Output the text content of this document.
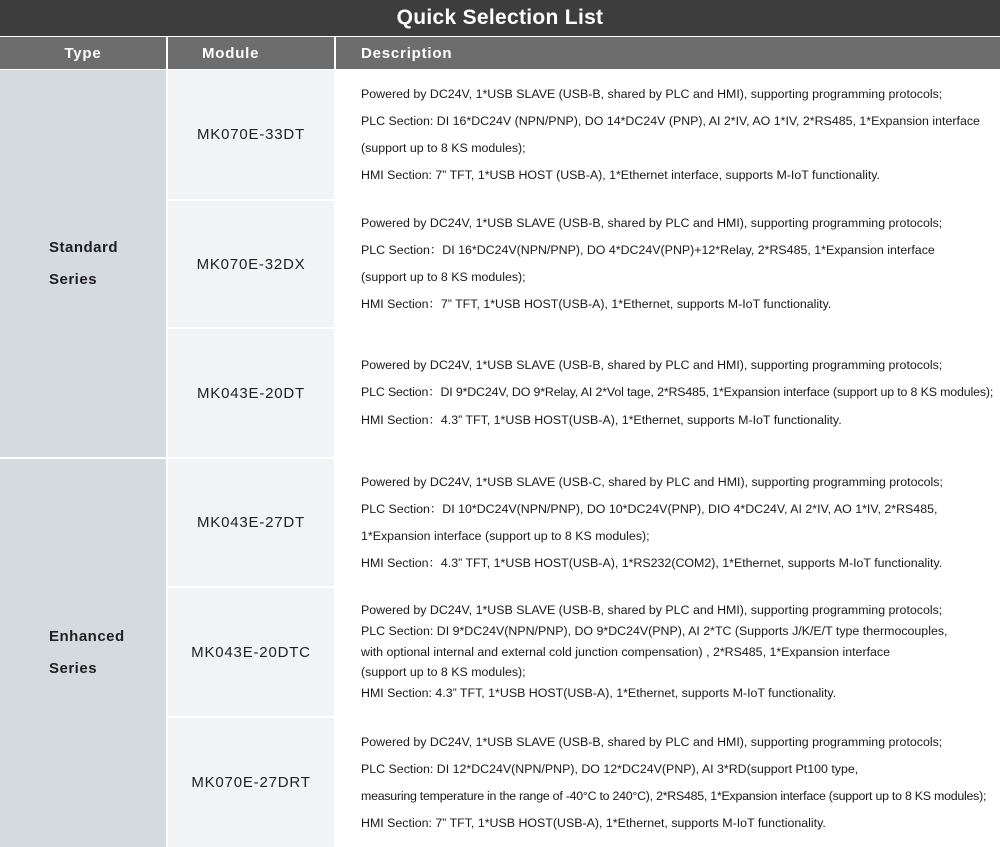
Quick Selection List
Type	Module	Description
Standard
Series
Enhanced
Series
MK070E-33DT
Powered by DC24V, 1*USB SLAVE (USB-B, shared by PLC and HMI), supporting programming protocols;
PLC Section: DI 16*DC24V (NPN/PNP), DO 14*DC24V (PNP), AI 2*IV, AO 1*IV, 2*RS485, 1*Expansion interface
(support up to 8 KS modules);
HMI Section: 7” TFT, 1*USB HOST (USB-A), 1*Ethernet interface, supports M-IoT functionality.
MK070E-32DX
Powered by DC24V, 1*USB SLAVE (USB-B, shared by PLC and HMI), supporting programming protocols;
PLC Section：DI 16*DC24V(NPN/PNP), DO 4*DC24V(PNP)+12*Relay, 2*RS485, 1*Expansion interface
(support up to 8 KS modules);
HMI Section：7” TFT, 1*USB HOST(USB-A), 1*Ethernet, supports M-IoT functionality.
MK043E-20DT
Powered by DC24V, 1*USB SLAVE (USB-B, shared by PLC and HMI), supporting programming protocols;
PLC Section：DI 9*DC24V, DO 9*Relay, AI 2*Vol tage, 2*RS485, 1*Expansion interface (support up to 8 KS modules);
HMI Section：4.3” TFT, 1*USB HOST(USB-A), 1*Ethernet, supports M-IoT functionality.
MK043E-27DT
Powered by DC24V, 1*USB SLAVE (USB-C, shared by PLC and HMI), supporting programming protocols;
PLC Section：DI 10*DC24V(NPN/PNP), DO 10*DC24V(PNP), DIO 4*DC24V, AI 2*IV, AO 1*IV, 2*RS485,
1*Expansion interface (support up to 8 KS modules);
HMI Section：4.3” TFT, 1*USB HOST(USB-A), 1*RS232(COM2), 1*Ethernet, supports M-IoT functionality.
MK043E-20DTC
Powered by DC24V, 1*USB SLAVE (USB-B, shared by PLC and HMI), supporting programming protocols;
PLC Section: DI 9*DC24V(NPN/PNP), DO 9*DC24V(PNP), AI 2*TC (Supports J/K/E/T type thermocouples,
with optional internal and external cold junction compensation) , 2*RS485, 1*Expansion interface
(support up to 8 KS modules);
HMI Section: 4.3” TFT, 1*USB HOST(USB-A), 1*Ethernet, supports M-IoT functionality.
MK070E-27DRT
Powered by DC24V, 1*USB SLAVE (USB-B, shared by PLC and HMI), supporting programming protocols;
PLC Section: DI 12*DC24V(NPN/PNP), DO 12*DC24V(PNP), AI 3*RD(support Pt100 type,
measuring temperature in the range of -40°C to 240°C), 2*RS485, 1*Expansion interface (support up to 8 KS modules);
HMI Section: 7” TFT, 1*USB HOST(USB-A), 1*Ethernet, supports M-IoT functionality.
